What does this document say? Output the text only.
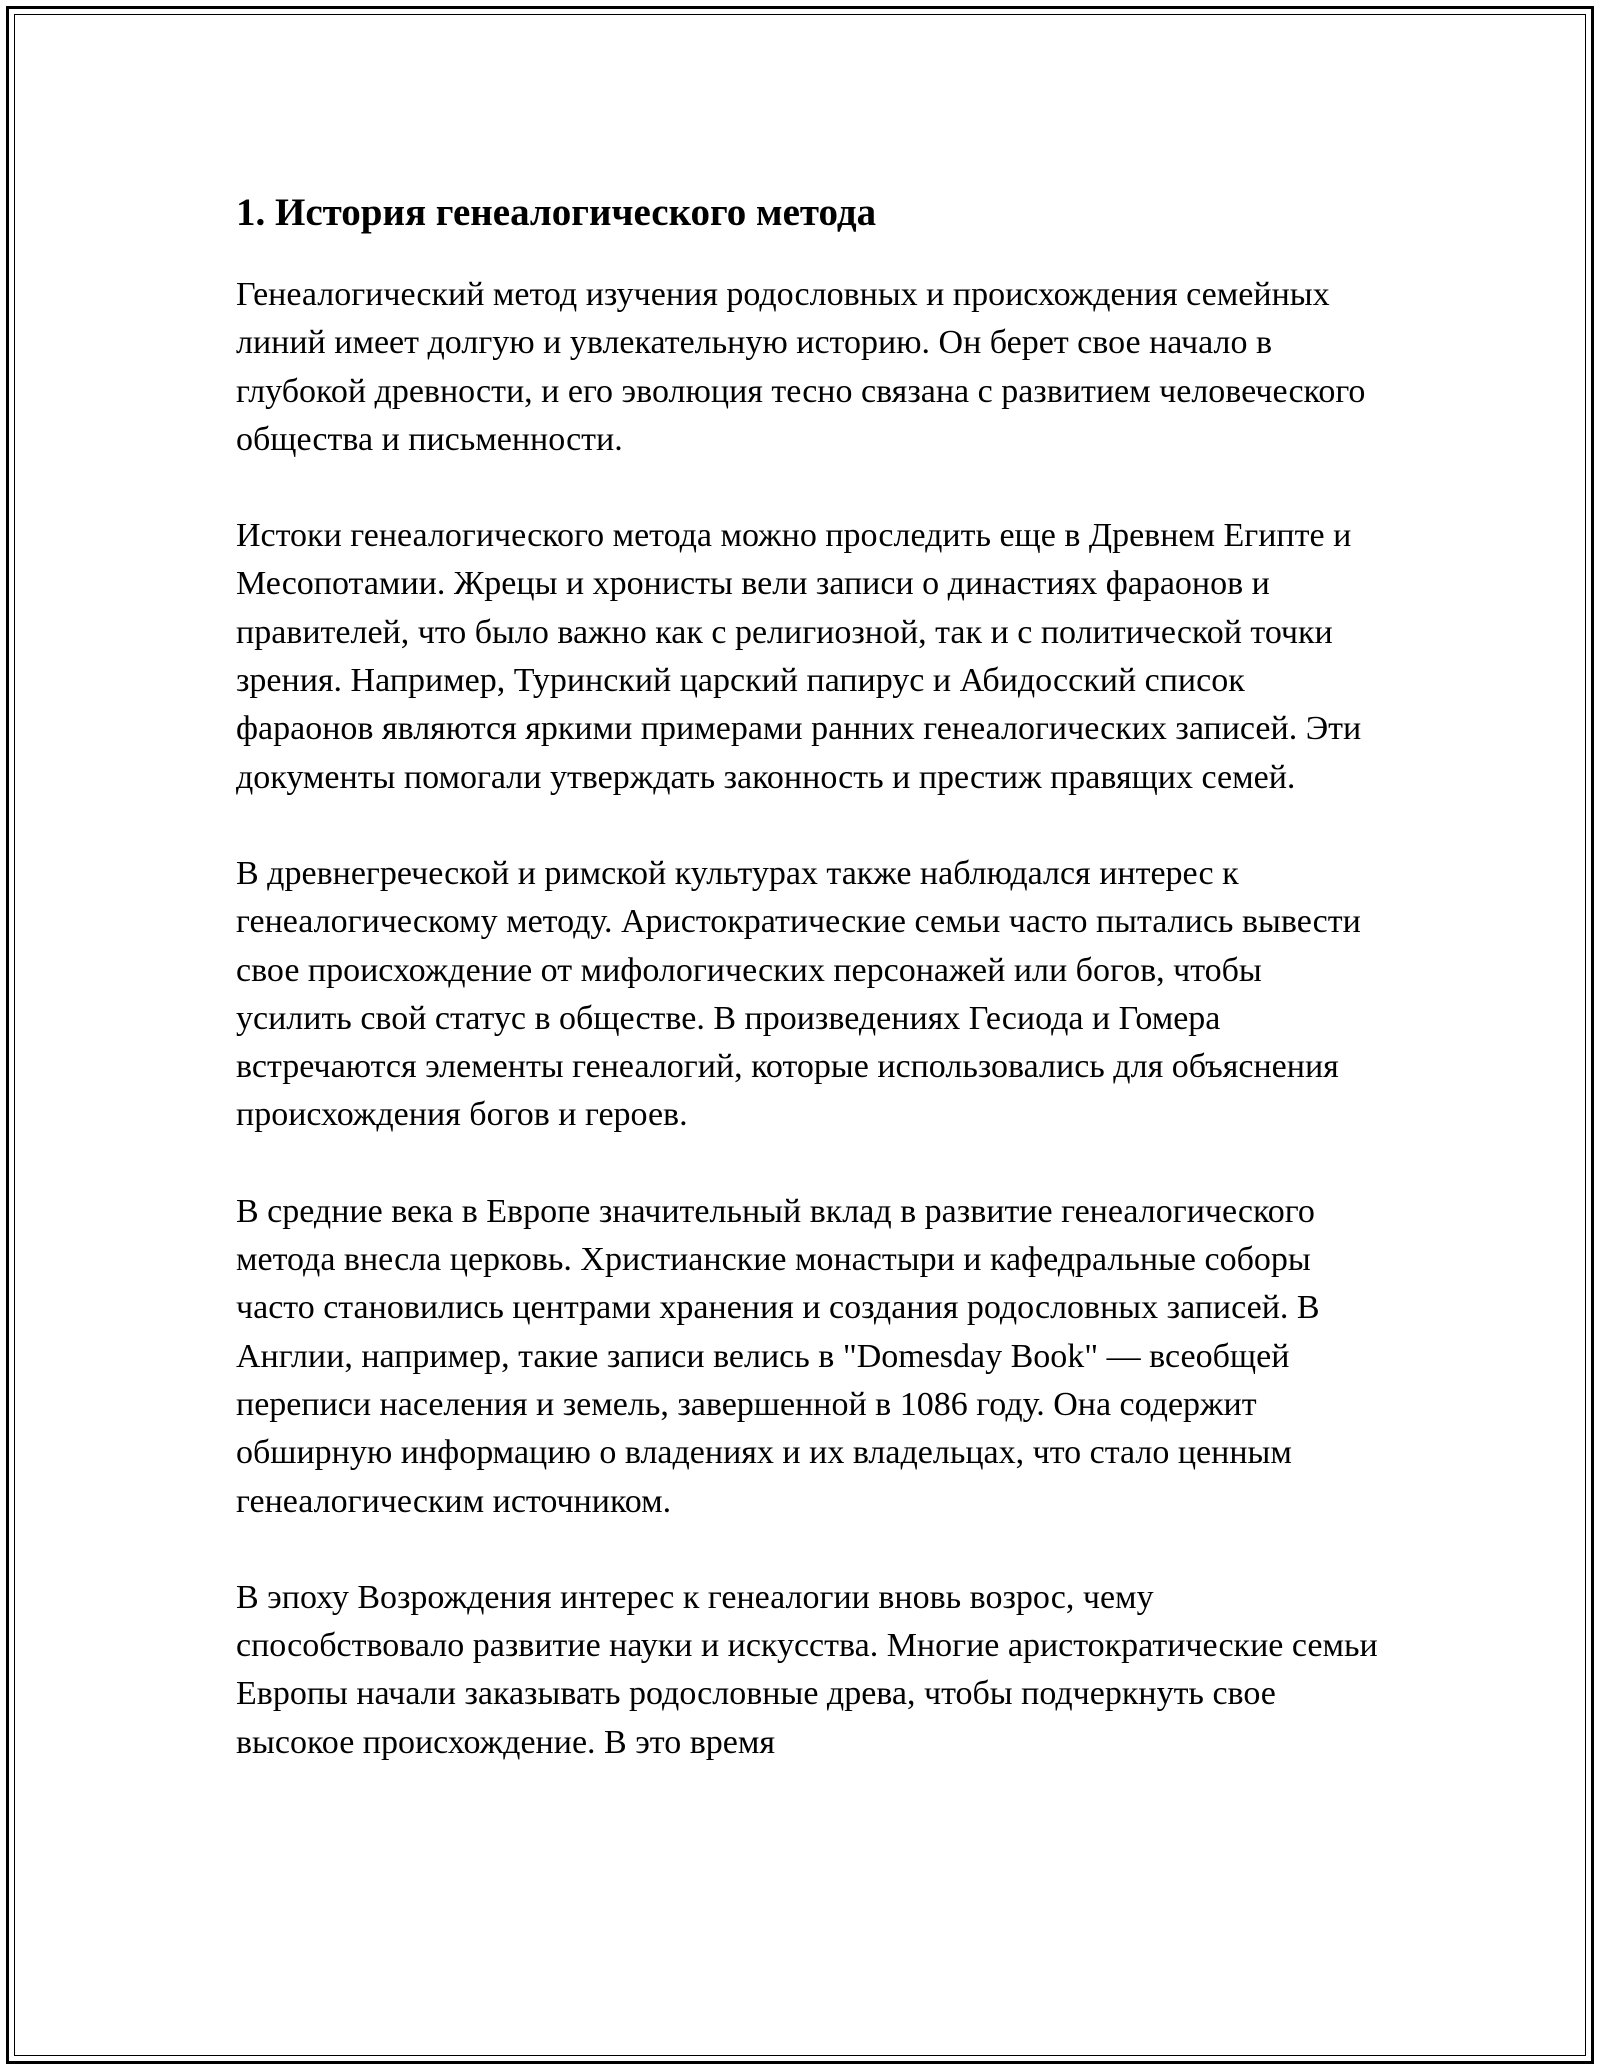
1. История генеалогического метода

Генеалогический метод изучения родословных и происхождения семейных линий имеет долгую и увлекательную историю. Он берет свое начало в глубокой древности, и его эволюция тесно связана с развитием человеческого общества и письменности.

Истоки генеалогического метода можно проследить еще в Древнем Египте и Месопотамии. Жрецы и хронисты вели записи о династиях фараонов и правителей, что было важно как с религиозной, так и с политической точки зрения. Например, Туринский царский папирус и Абидосский список фараонов являются яркими примерами ранних генеалогических записей. Эти документы помогали утверждать законность и престиж правящих семей.

В древнегреческой и римской культурах также наблюдался интерес к генеалогическому методу. Аристократические семьи часто пытались вывести свое происхождение от мифологических персонажей или богов, чтобы усилить свой статус в обществе. В произведениях Гесиода и Гомера встречаются элементы генеалогий, которые использовались для объяснения происхождения богов и героев.

В средние века в Европе значительный вклад в развитие генеалогического метода внесла церковь. Христианские монастыри и кафедральные соборы часто становились центрами хранения и создания родословных записей. В Англии, например, такие записи велись в "Domesday Book" — всеобщей переписи населения и земель, завершенной в 1086 году. Она содержит обширную информацию о владениях и их владельцах, что стало ценным генеалогическим источником.

В эпоху Возрождения интерес к генеалогии вновь возрос, чему способствовало развитие науки и искусства. Многие аристократические семьи Европы начали заказывать родословные древа, чтобы подчеркнуть свое высокое происхождение. В это время
